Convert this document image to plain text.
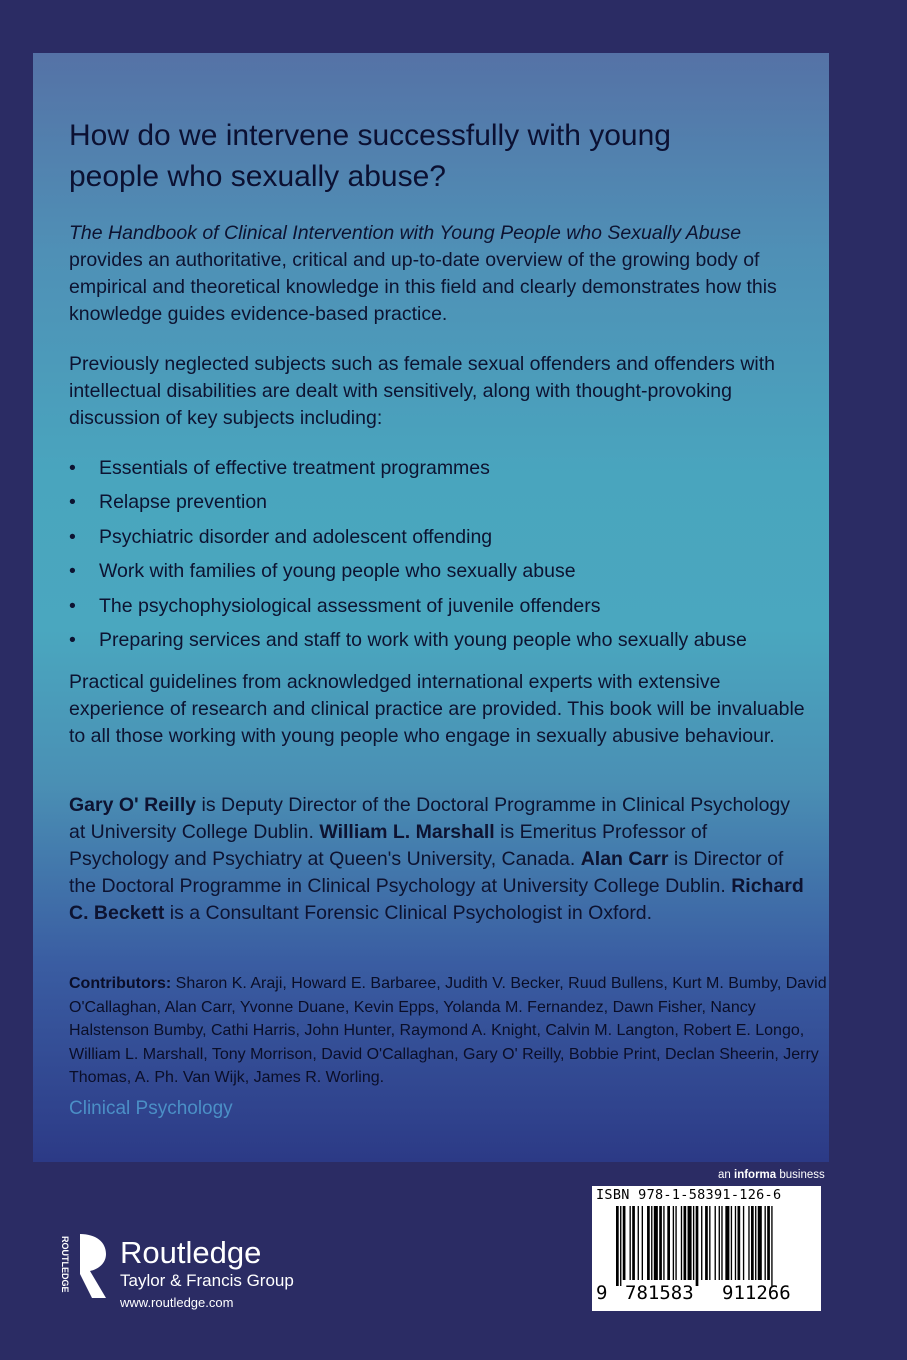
How do we intervene successfully with young people who sexually abuse?
The Handbook of Clinical Intervention with Young People who Sexually Abuse
provides an authoritative, critical and up-to-date overview of the growing body of empirical and theoretical knowledge in this field and clearly demonstrates how this knowledge guides evidence-based practice.
Previously neglected subjects such as female sexual offenders and offenders with intellectual disabilities are dealt with sensitively, along with thought-provoking discussion of key subjects including:
• Essentials of effective treatment programmes
• Relapse prevention
• Psychiatric disorder and adolescent offending
• Work with families of young people who sexually abuse
• The psychophysiological assessment of juvenile offenders
• Preparing services and staff to work with young people who sexually abuse
Practical guidelines from acknowledged international experts with extensive experience of research and clinical practice are provided. This book will be invaluable to all those working with young people who engage in sexually abusive behaviour.
Gary O' Reilly is Deputy Director of the Doctoral Programme in Clinical Psychology at University College Dublin. William L. Marshall is Emeritus Professor of Psychology and Psychiatry at Queen's University, Canada. Alan Carr is Director of the Doctoral Programme in Clinical Psychology at University College Dublin. Richard C. Beckett is a Consultant Forensic Clinical Psychologist in Oxford.
Contributors: Sharon K. Araji, Howard E. Barbaree, Judith V. Becker, Ruud Bullens, Kurt M. Bumby, David O'Callaghan, Alan Carr, Yvonne Duane, Kevin Epps, Yolanda M. Fernandez, Dawn Fisher, Nancy Halstenson Bumby, Cathi Harris, John Hunter, Raymond A. Knight, Calvin M. Langton, Robert E. Longo, William L. Marshall, Tony Morrison, David O'Callaghan, Gary O' Reilly, Bobbie Print, Declan Sheerin, Jerry Thomas, A. Ph. Van Wijk, James R. Worling.
Clinical Psychology
an informa business
ISBN 978-1-58391-126-6
9 781583 911266
ROUTLEDGE Routledge
Taylor & Francis Group
www.routledge.com
